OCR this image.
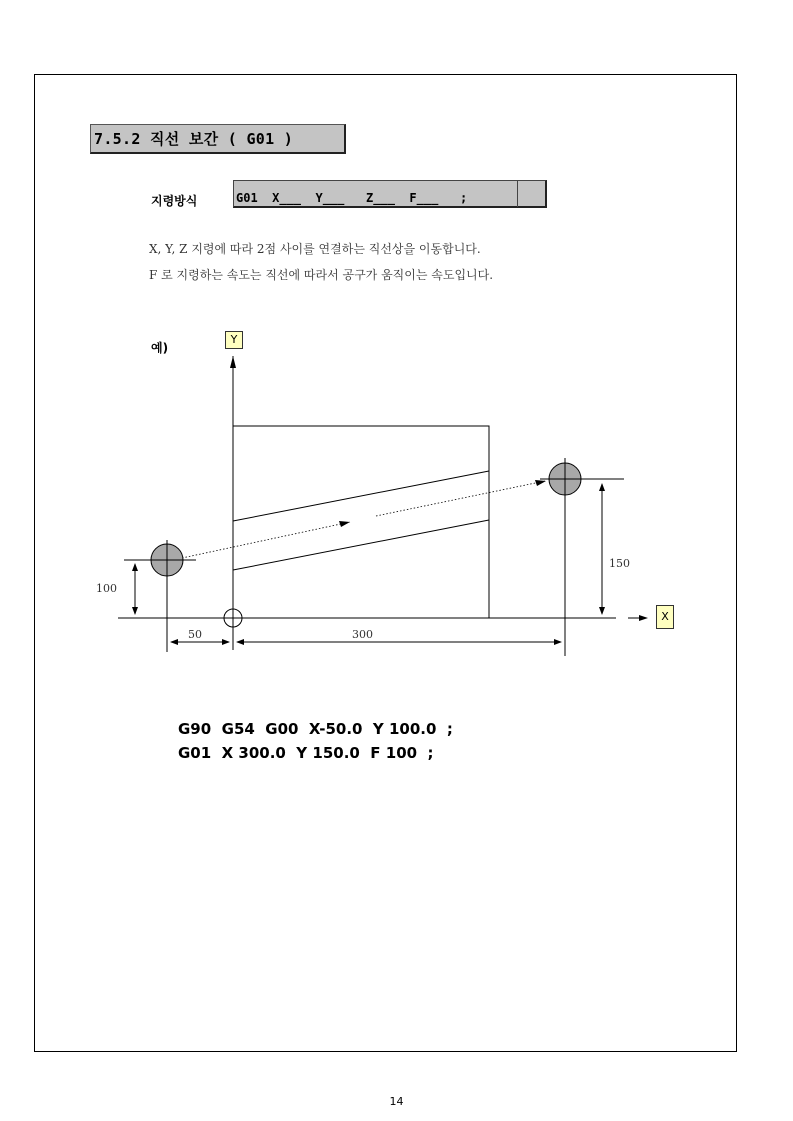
7.5.2 직선 보간 ( G01 )
지령방식	G01  X___  Y___   Z___  F___   ;
X, Y, Z 지령에 따라 2점 사이를 연결하는 직선상을 이동합니다.
F 로 지령하는 속도는 직선에 따라서 공구가 움직이는 속도입니다.
예)
100
150
50	300
Y
X
G90  G54  G00  X-50.0  Y 100.0  ;
G01  X 300.0  Y 150.0  F 100  ;
14
